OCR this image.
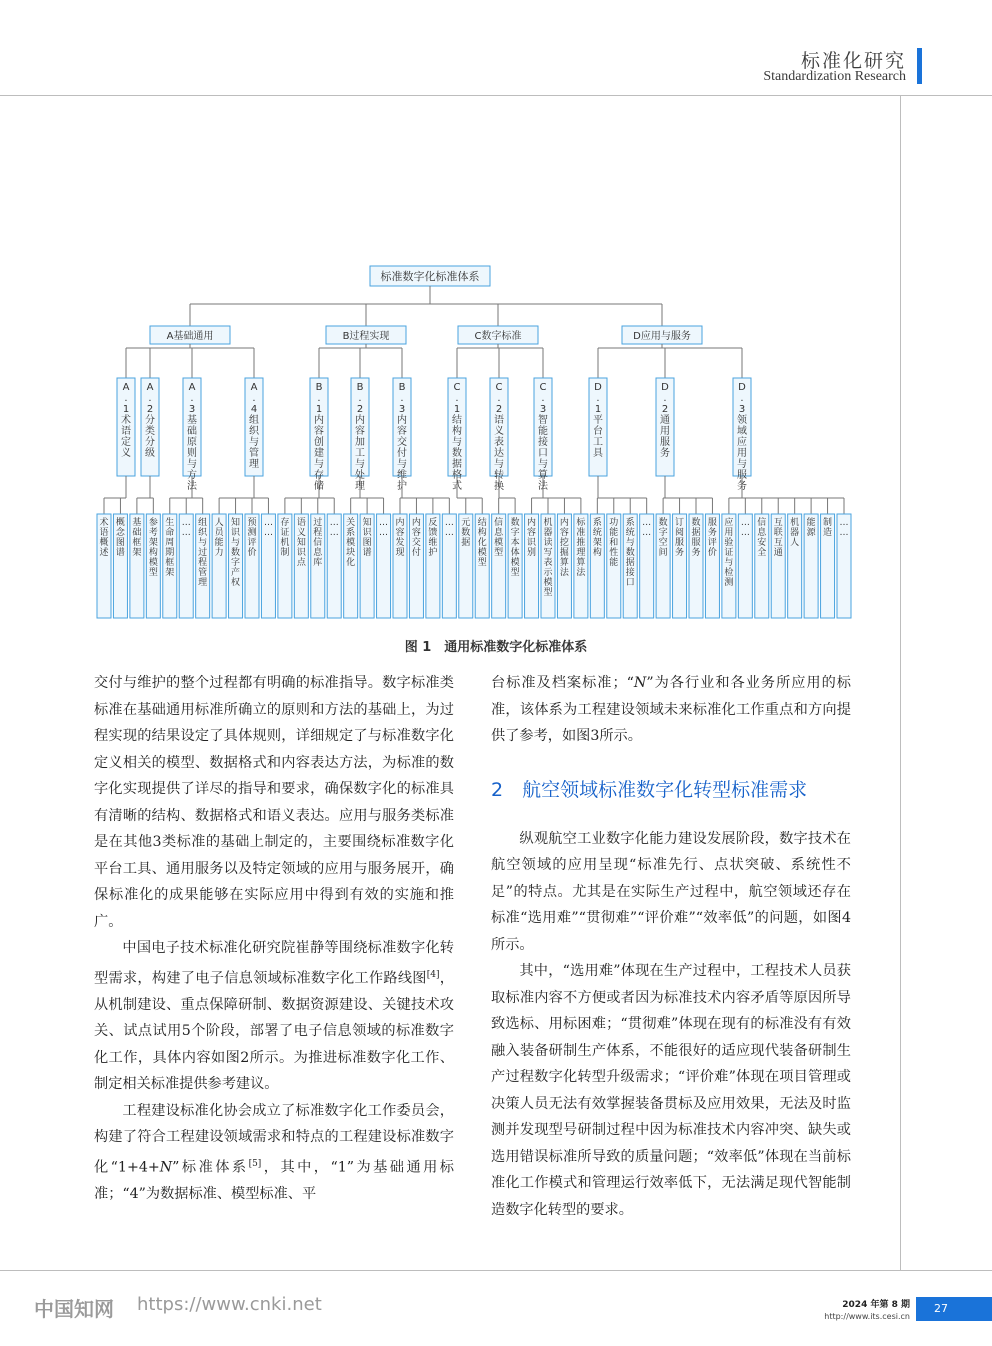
标准化研究
Standardization Research
标准数字化标准体系
A基础通用
A . 1 术语定义
术语概述
概念图谱
A . 2 分类分级
基础框架
参考架构模型
A . 3 基础原则与方法
生命周期框架
… …
组织与过程管理
A . 4 组织与管理
人员能力
知识与数字产权
预测评价
… …
B过程实现
B . 1 内容创建与存储
存证机制
语义知识点
过程信息库
… …
B . 2 内容加工与处理
关系模块化
知识图谱
… …
B . 3 内容交付与维护
内容发现
内容交付
反馈维护
… …
C数字标准
C . 1 结构与数据格式
元数据
结构化模型
C . 2 语义表达与转换
信息模型
数字本体模型
C . 3 智能接口与算法
内容识别
机器读写表示模型
内容挖掘算法
标准推理算法
D应用与服务
D . 1 平台工具
系统架构
功能和性能
系统与数据接口
… …
D . 2 通用服务
数字空间
订阅服务
数据服务
服务评价
D . 3 领域应用与服务
应用验证与检测
… …
信息安全
互联互通
机器人
能源
制造
… …
图 1　通用标准数字化标准体系

交付与维护的整个过程都有明确的标准指导。数字标准类标准在基础通用标准所确立的原则和方法的基础上，为过程实现的结果设定了具体规则，详细规定了与标准数字化定义相关的模型、数据格式和内容表达方法，为标准的数字化实现提供了详尽的指导和要求，确保数字化的标准具有清晰的结构、数据格式和语义表达。应用与服务类标准是在其他3类标准的基础上制定的，主要围绕标准数字化平台工具、通用服务以及特定领域的应用与服务展开，确保标准化的成果能够在实际应用中得到有效的实施和推广。

中国电子技术标准化研究院崔静等围绕标准数字化转型需求，构建了电子信息领域标准数字化工作路线图[4]，从机制建设、重点保障研制、数据资源建设、关键技术攻关、试点试用5个阶段，部署了电子信息领域的标准数字化工作，具体内容如图2所示。为推进标准数字化工作、制定相关标准提供参考建议。

工程建设标准化协会成立了标准数字化工作委员会，构建了符合工程建设领域需求和特点的工程建设标准数字化“1+4+N”标准体系[5]，其中，“1”为基础通用标准；“4”为数据标准、模型标准、平

台标准及档案标准；“N”为各行业和各业务所应用的标准，该体系为工程建设领域未来标准化工作重点和方向提供了参考，如图3所示。

2　航空领域标准数字化转型标准需求

纵观航空工业数字化能力建设发展阶段，数字技术在航空领域的应用呈现“标准先行、点状突破、系统性不足”的特点。尤其是在实际生产过程中，航空领域还存在标准“选用难”“贯彻难”“评价难”“效率低”的问题，如图4所示。

其中，“选用难”体现在生产过程中，工程技术人员获取标准内容不方便或者因为标准技术内容矛盾等原因所导致选标、用标困难；“贯彻难”体现在现有的标准没有有效融入装备研制生产体系，不能很好的适应现代装备研制生产过程数字化转型升级需求；“评价难”体现在项目管理或决策人员无法有效掌握装备贯标及应用效果，无法及时监测并发现型号研制过程中因为标准技术内容冲突、缺失或选用错误标准所导致的质量问题；“效率低”体现在当前标准化工作模式和管理运行效率低下，无法满足现代智能制造数字化转型的要求。

中国知网 https://www.cnki.net	2024 年第 8 期
http://www.its.cesi.cn
27
